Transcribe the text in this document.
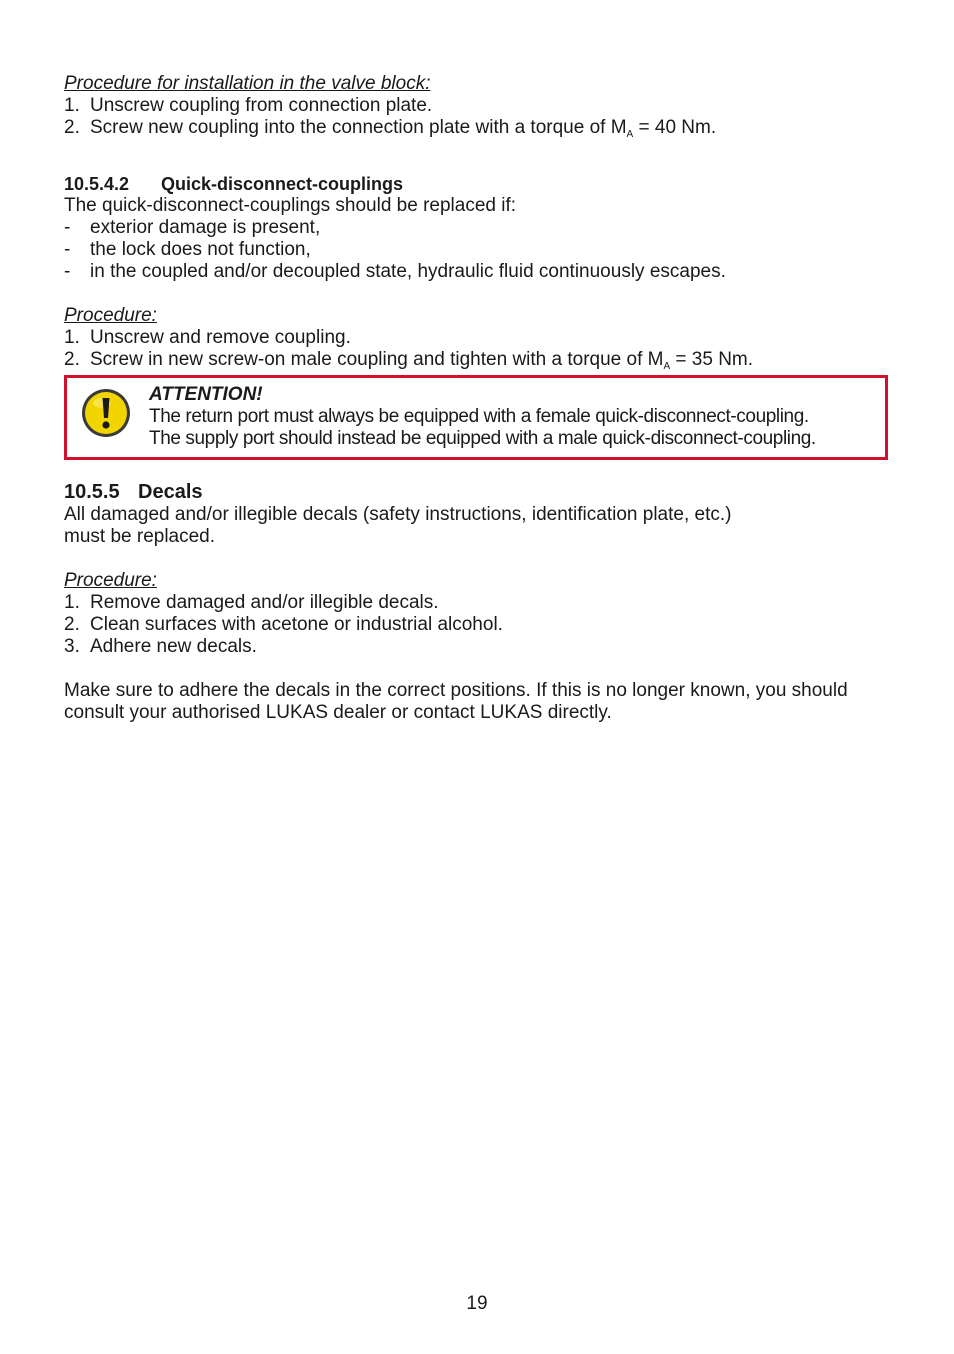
Procedure for installation in the valve block:
1. Unscrew coupling from connection plate.
2. Screw new coupling into the connection plate with a torque of $M_A = 40$ Nm.
10.5.4.2 Quick-disconnect-couplings
The quick-disconnect-couplings should be replaced if:
- exterior damage is present,
- the lock does not function,
- in the coupled and/or decoupled state, hydraulic fluid continuously escapes.
Procedure:
1. Unscrew and remove coupling.
2. Screw in new screw-on male coupling and tighten with a torque of $M_A = 35$ Nm.
ATTENTION!
The return port must always be equipped with a female quick-disconnect-coupling.
The supply port should instead be equipped with a male quick-disconnect-coupling.
10.5.5 Decals
All damaged and/or illegible decals (safety instructions, identification plate, etc.)
must be replaced.
Procedure:
1. Remove damaged and/or illegible decals.
2. Clean surfaces with acetone or industrial alcohol.
3. Adhere new decals.
Make sure to adhere the decals in the correct positions. If this is no longer known, you should
consult your authorised LUKAS dealer or contact LUKAS directly.
19
